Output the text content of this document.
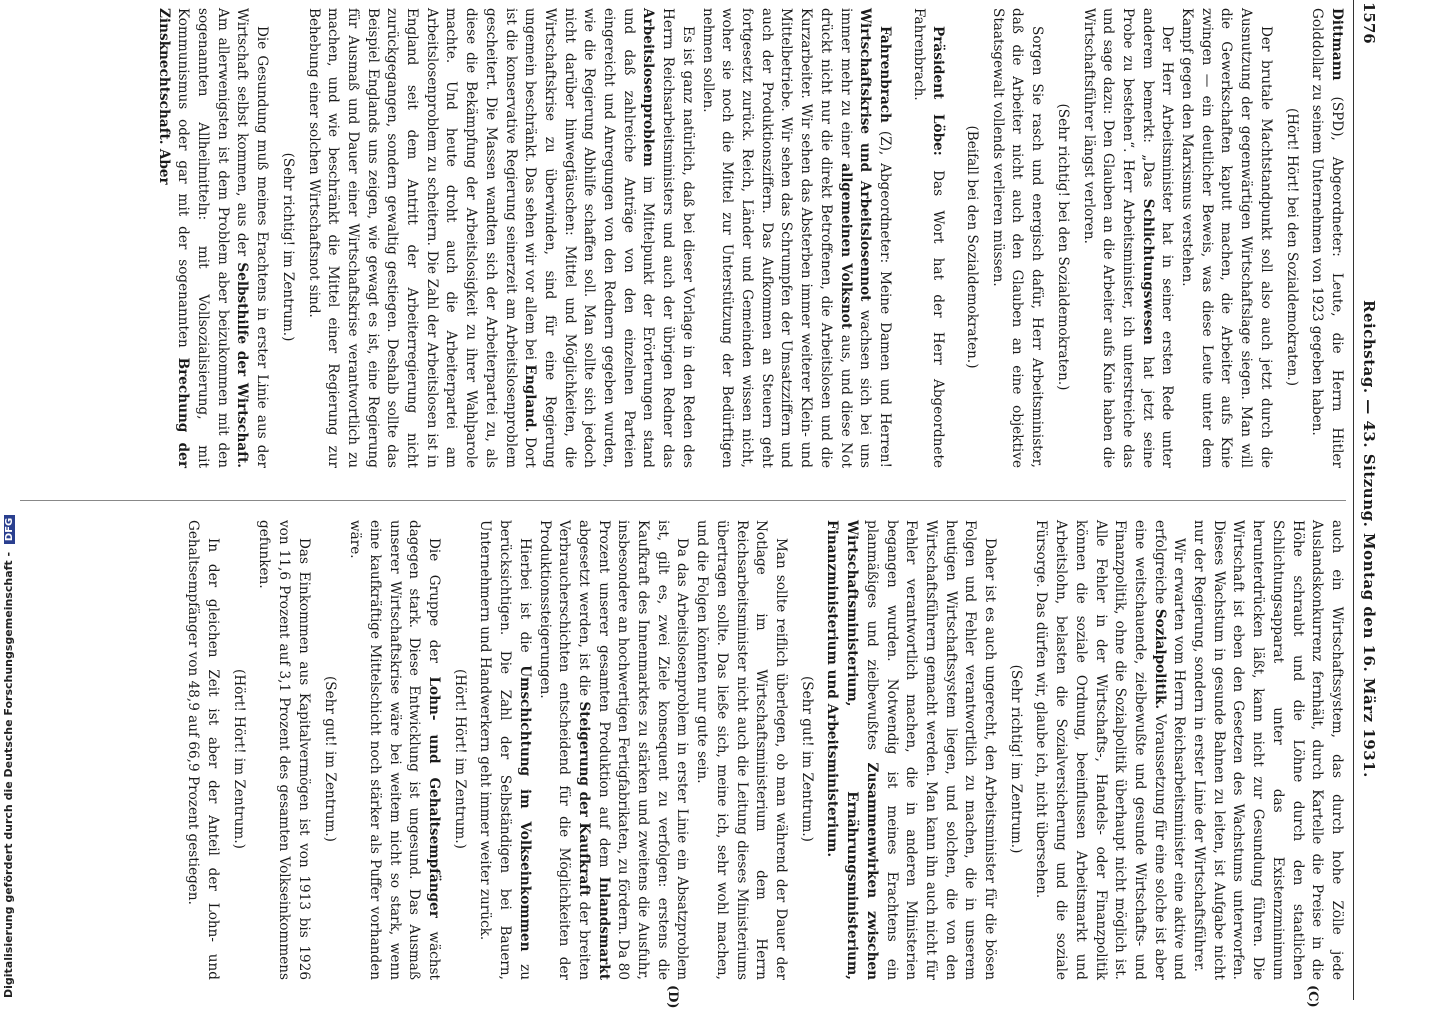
1576
Reichstag. — 43. Sitzung. Montag den 16. März 1931.
(C)
(D)

Dittmann (SPD), Abgeordneter: Leute, die Herrn Hitler Golddollar zu seinem Unternehmen von 1923 gegeben haben.

(Hört! Hört! bei den Sozialdemokraten.)

Der brutale Machtstandpunkt soll also auch jetzt durch die Ausnutzung der gegenwärtigen Wirtschaftslage siegen. Man will die Gewerkschaften kaputt machen, die Arbeiter aufs Knie zwingen — ein deutlicher Beweis, was diese Leute unter dem Kampf gegen den Marxismus verstehen.

Der Herr Arbeitsminister hat in seiner ersten Rede unter anderem bemerkt: „Das Schlichtungswesen hat jetzt seine Probe zu bestehen“. Herr Arbeitsminister, ich unterstreiche das und sage dazu: Den Glauben an die Arbeiter aufs Knie haben die Wirtschaftsführer längst verloren.

(Sehr richtig! bei den Sozialdemokraten.)

Sorgen Sie rasch und energisch dafür, Herr Arbeitsminister, daß die Arbeiter nicht auch den Glauben an eine objektive Staatsgewalt vollends verlieren müssen.

(Beifall bei den Sozialdemokraten.)

Präsident Löbe: Das Wort hat der Herr Abgeordnete Fahrenbrach.

Fahrenbrach (Z), Abgeordneter: Meine Damen und Herren! Wirtschaftskrise und Arbeitslosennot wachsen sich bei uns immer mehr zu einer allgemeinen Volksnot aus, und diese Not drückt nicht nur die direkt Betroffenen, die Arbeitslosen und die Kurzarbeiter. Wir sehen das Absterben immer weiterer Klein- und Mittelbetriebe. Wir sehen das Schrumpfen der Umsatzziffern und auch der Produktionsziffern. Das Aufkommen an Steuern geht fortgesetzt zurück. Reich, Länder und Gemeinden wissen nicht, woher sie noch die Mittel zur Unterstützung der Bedürftigen nehmen sollen.

Es ist ganz natürlich, daß bei dieser Vorlage in den Reden des Herrn Reichsarbeitsministers und auch der übrigen Redner das Arbeitslosenproblem im Mittelpunkt der Erörterungen stand und daß zahlreiche Anträge von den einzelnen Parteien eingereicht und Anregungen von den Rednern gegeben wurden, wie die Regierung Abhilfe schaffen soll. Man sollte sich jedoch nicht darüber hinwegtäuschen: Mittel und Möglichkeiten, die Wirtschaftskrise zu überwinden, sind für eine Regierung ungemein beschränkt. Das sehen wir vor allem bei England. Dort ist die konservative Regierung seinerzeit am Arbeitslosenproblem gescheitert. Die Massen wandten sich der Arbeiterpartei zu, als diese die Bekämpfung der Arbeitslosigkeit zu ihrer Wahlparole machte. Und heute droht auch die Arbeiterpartei am Arbeitslosenproblem zu scheitern. Die Zahl der Arbeitslosen ist in England seit dem Antritt der Arbeiterregierung nicht zurückgegangen, sondern gewaltig gestiegen. Deshalb sollte das Beispiel Englands uns zeigen, wie gewagt es ist, eine Regierung für Ausmaß und Dauer einer Wirtschaftskrise verantwortlich zu machen, und wie beschränkt die Mittel einer Regierung zur Behebung einer solchen Wirtschaftsnot sind.

(Sehr richtig! im Zentrum.)

Die Gesundung muß meines Erachtens in erster Linie aus der Wirtschaft selbst kommen, aus der Selbsthilfe der Wirtschaft. Am allerwenigsten ist dem Problem aber beizukommen mit den sogenannten Allheilmitteln: mit Vollsozialisierung, mit Kommunismus oder gar mit der sogenannten Brechung der Zinsknechtschaft. Aber

auch ein Wirtschaftssystem, das durch hohe Zölle jede Auslandskonkurrenz fernhält, durch Kartelle die Preise in die Höhe schraubt und die Löhne durch den staatlichen Schlichtungsapparat unter das Existenzminimum herunterdrücken läßt, kann nicht zur Gesundung führen. Die Wirtschaft ist eben den Gesetzen des Wachstums unterworfen. Dieses Wachstum in gesunde Bahnen zu leiten, ist Aufgabe nicht nur der Regierung, sondern in erster Linie der Wirtschaftsführer.

Wir erwarten vom Herrn Reichsarbeitsminister eine aktive und erfolgreiche Sozialpolitik. Voraussetzung für eine solche ist aber eine weitschauende, zielbewußte und gesunde Wirtschafts- und Finanzpolitik, ohne die Sozialpolitik überhaupt nicht möglich ist. Alle Fehler in der Wirtschafts-, Handels- oder Finanzpolitik können die soziale Ordnung, beeinflussen Arbeitsmarkt und Arbeitslohn, belasten die Sozialversicherung und die soziale Fürsorge. Das dürfen wir, glaube ich, nicht übersehen.

(Sehr richtig! im Zentrum.)

Daher ist es auch ungerecht, den Arbeitsminister für die bösen Folgen und Fehler verantwortlich zu machen, die in unserem heutigen Wirtschaftssystem liegen, und solchen, die von den Wirtschaftsführern gemacht werden. Man kann ihn auch nicht für Fehler verantwortlich machen, die in anderen Ministerien begangen wurden. Notwendig ist meines Erachtens ein planmäßiges und zielbewußtes Zusammenwirken zwischen Wirtschaftsministerium, Ernährungsministerium, Finanzministerium und Arbeitsministerium.

(Sehr gut! im Zentrum.)

Man sollte reiflich überlegen, ob man während der Dauer der Notlage im Wirtschaftsministerium dem Herrn Reichsarbeitsminister nicht auch die Leitung dieses Ministeriums übertragen sollte. Das ließe sich, meine ich, sehr wohl machen, und die Folgen könnten nur gute sein.

Da das Arbeitslosenproblem in erster Linie ein Absatzproblem ist, gilt es, zwei Ziele konsequent zu verfolgen: erstens die Kaufkraft des Innenmarktes zu stärken und zweitens die Ausfuhr, insbesondere an hochwertigen Fertigfabrikaten, zu fördern. Da 80 Prozent unserer gesamten Produktion auf dem Inlandsmarkt abgesetzt werden, ist die Steigerung der Kaufkraft der breiten Verbraucherschichten entscheidend für die Möglichkeiten der Produktionssteigerungen.

Hierbei ist die Umschichtung im Volkseinkommen zu berücksichtigen. Die Zahl der Selbständigen bei Bauern, Unternehmern und Handwerkern geht immer weiter zurück.

(Hört! Hört! im Zentrum.)

Die Gruppe der Lohn- und Gehaltsempfänger wächst dagegen stark. Diese Entwicklung ist ungesund. Das Ausmaß unserer Wirtschaftskrise wäre bei weitem nicht so stark, wenn eine kaufkräftige Mittelschicht noch stärker als Puffer vorhanden wäre.

(Sehr gut! im Zentrum.)

Das Einkommen aus Kapitalvermögen ist von 1913 bis 1926 von 11,6 Prozent auf 3,1 Prozent des gesamten Volkseinkommens gefunken.

(Hört! Hört! im Zentrum.)

In der gleichen Zeit ist aber der Anteil der Lohn- und Gehaltsempfänger von 48,9 auf 66,9 Prozent gestiegen.

Digitalisierung gefördert durch die Deutsche Forschungsgemeinschaft - DFG
